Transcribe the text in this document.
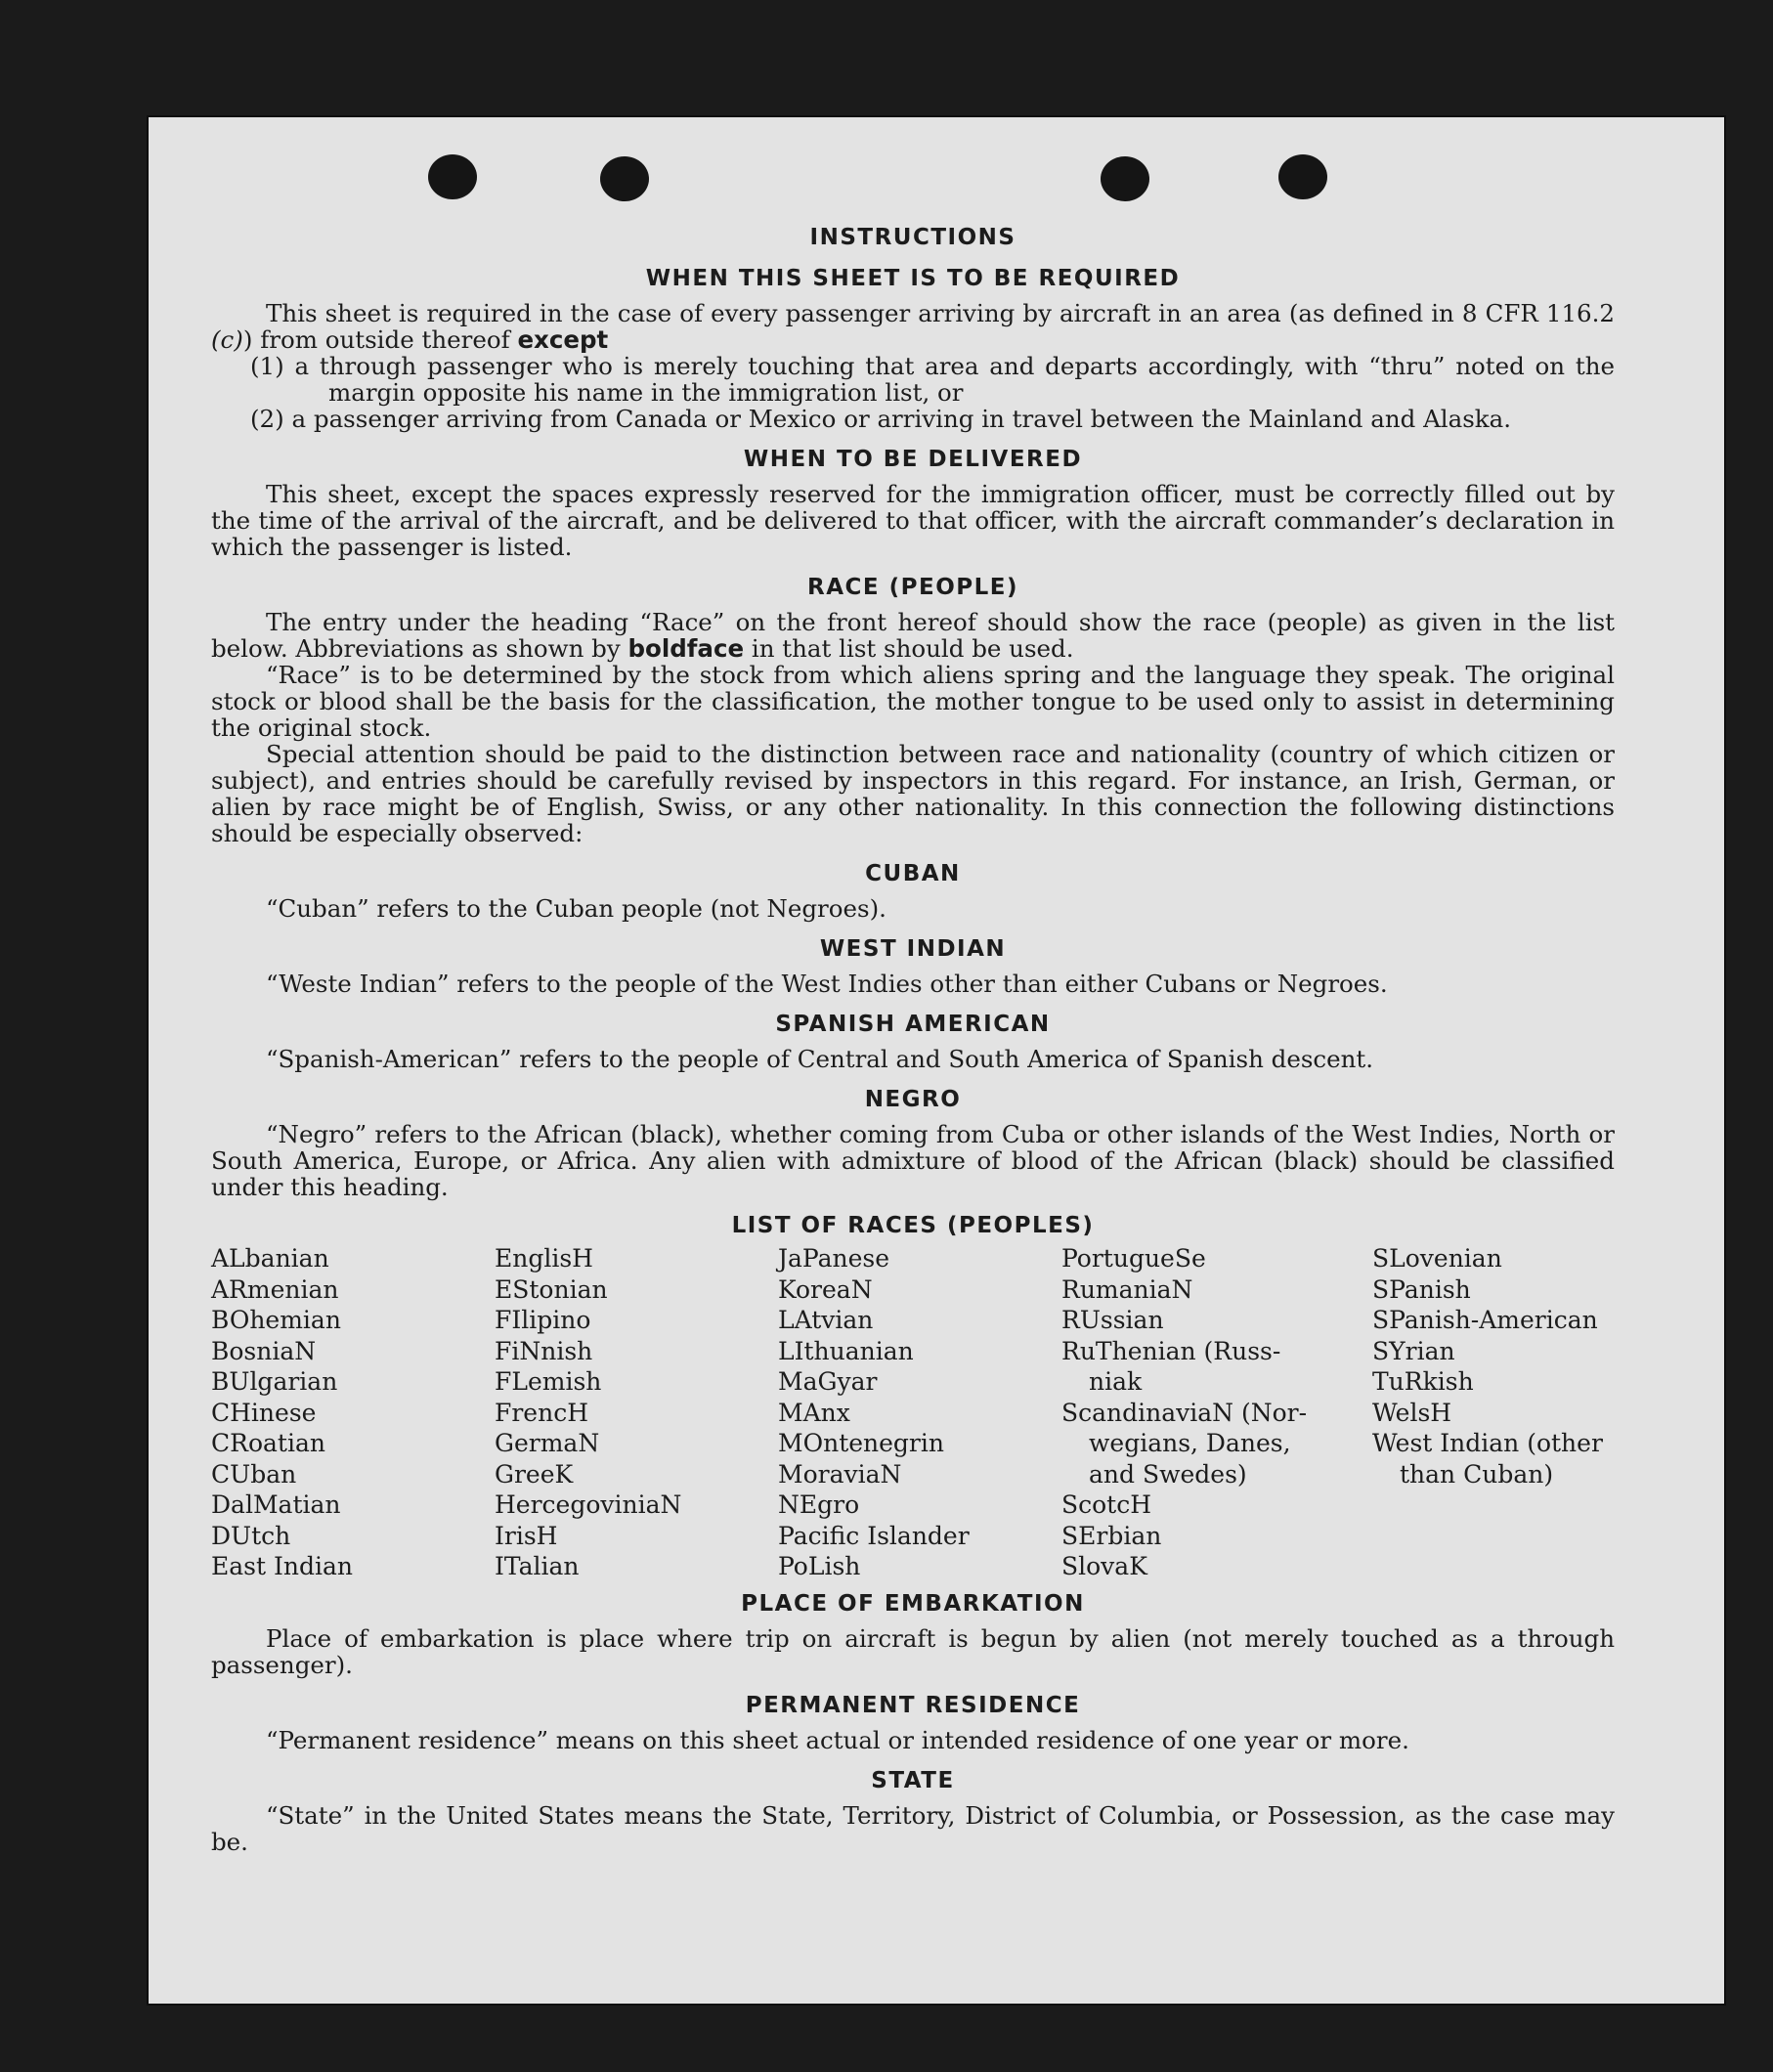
INSTRUCTIONS

WHEN THIS SHEET IS TO BE REQUIRED

This sheet is required in the case of every passenger arriving by aircraft in an area (as defined in 8 CFR 116.2 (c)) from outside thereof except

(1) a through passenger who is merely touching that area and departs accordingly, with “thru” noted on the margin opposite his name in the immigration list, or

(2) a passenger arriving from Canada or Mexico or arriving in travel between the Mainland and Alaska.

WHEN TO BE DELIVERED

This sheet, except the spaces expressly reserved for the immigration officer, must be correctly filled out by the time of the arrival of the aircraft, and be delivered to that officer, with the aircraft commander’s declaration in which the passenger is listed.

RACE (PEOPLE)

The entry under the heading “Race” on the front hereof should show the race (people) as given in the list below. Abbreviations as shown by boldface in that list should be used.

“Race” is to be determined by the stock from which aliens spring and the language they speak. The original stock or blood shall be the basis for the classification, the mother tongue to be used only to assist in determining the original stock.

Special attention should be paid to the distinction between race and nationality (country of which citizen or subject), and entries should be carefully revised by inspectors in this regard. For instance, an Irish, German, or alien by race might be of English, Swiss, or any other nationality. In this connection the following distinctions should be especially observed:

CUBAN

“Cuban” refers to the Cuban people (not Negroes).

WEST INDIAN

“Weste Indian” refers to the people of the West Indies other than either Cubans or Negroes.

SPANISH AMERICAN

“Spanish-American” refers to the people of Central and South America of Spanish descent.

NEGRO

“Negro” refers to the African (black), whether coming from Cuba or other islands of the West Indies, North or South America, Europe, or Africa. Any alien with admixture of blood of the African (black) should be classified under this heading.

LIST OF RACES (PEOPLES)

ALbanian
ARmenian
BOhemian
BosniaN
BUlgarian
CHinese
CRoatian
CUban
DalMatian
DUtch
East Indian
EnglisH
EStonian
FIlipino
FiNnish
FLemish
FrencH
GermaN
GreeK
HercegoviniaN
IrisH
ITalian
JaPanese
KoreaN
LAtvian
LIthuanian
MaGyar
MAnx
MOntenegrin
MoraviaN
NEgro
Pacific Islander
PoLish
PortugueSe
RumaniaN
RUssian
RuThenian (Russ-
niak
ScandinaviaN (Nor-
wegians, Danes,
and Swedes)
ScotcH
SErbian
SlovaK
SLovenian
SPanish
SPanish-American
SYrian
TuRkish
WelsH
West Indian (other
than Cuban)

PLACE OF EMBARKATION

Place of embarkation is place where trip on aircraft is begun by alien (not merely touched as a through passenger).

PERMANENT RESIDENCE

“Permanent residence” means on this sheet actual or intended residence of one year or more.

STATE

“State” in the United States means the State, Territory, District of Columbia, or Possession, as the case may be.
